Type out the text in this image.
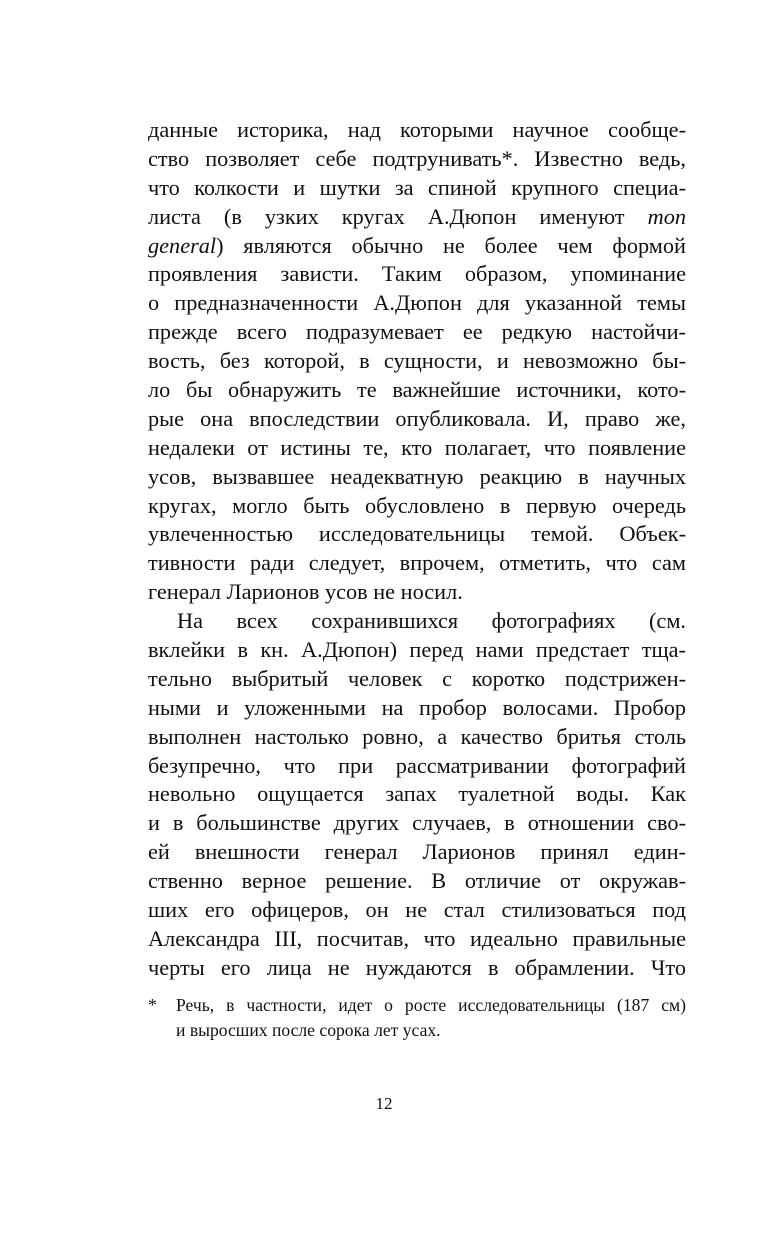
данные историка, над которыми научное сообще-
ство позволяет себе подтрунивать*. Известно ведь,
что колкости и шутки за спиной крупного специа-
листа (в узких кругах А.Дюпон именуют mon
general) являются обычно не более чем формой
проявления зависти. Таким образом, упоминание
о предназначенности А.Дюпон для указанной темы
прежде всего подразумевает ее редкую настойчи-
вость, без которой, в сущности, и невозможно бы-
ло бы обнаружить те важнейшие источники, кото-
рые она впоследствии опубликовала. И, право же,
недалеки от истины те, кто полагает, что появление
усов, вызвавшее неадекватную реакцию в научных
кругах, могло быть обусловлено в первую очередь
увлеченностью исследовательницы темой. Объек-
тивности ради следует, впрочем, отметить, что сам
генерал Ларионов усов не носил.
На всех сохранившихся фотографиях (см.
вклейки в кн. А.Дюпон) перед нами предстает тща-
тельно выбритый человек с коротко подстрижен-
ными и уложенными на пробор волосами. Пробор
выполнен настолько ровно, а качество бритья столь
безупречно, что при рассматривании фотографий
невольно ощущается запах туалетной воды. Как
и в большинстве других случаев, в отношении сво-
ей внешности генерал Ларионов принял един-
ственно верное решение. В отличие от окружав-
ших его офицеров, он не стал стилизоваться под
Александра III, посчитав, что идеально правильные
черты его лица не нуждаются в обрамлении. Что
* Речь, в частности, идет о росте исследовательницы (187 см)
и выросших после сорока лет усах.
12
